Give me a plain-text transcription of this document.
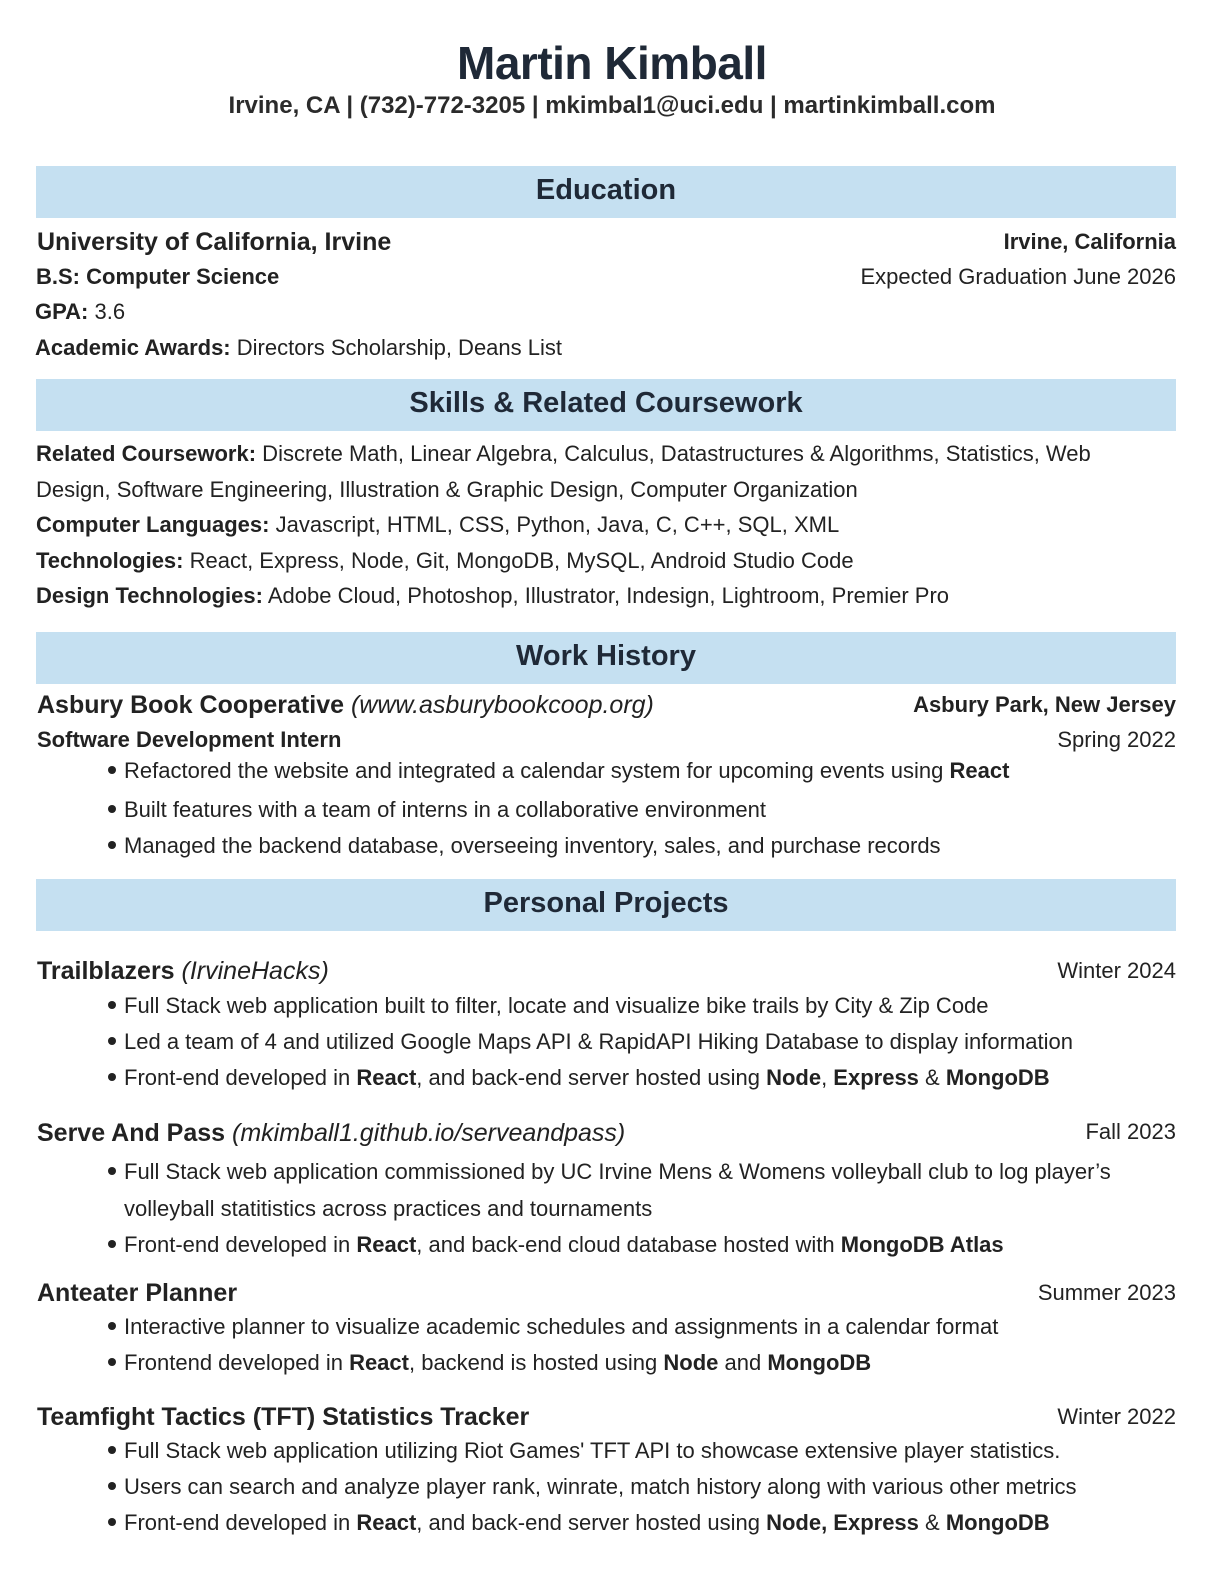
Martin Kimball
Irvine, CA | (732)-772-3205 | mkimbal1@uci.edu | martinkimball.com
Education
University of California, Irvine	Irvine, California
B.S: Computer Science	Expected Graduation June 2026
GPA: 3.6
Academic Awards: Directors Scholarship, Deans List
Skills & Related Coursework
Related Coursework: Discrete Math, Linear Algebra, Calculus, Datastructures & Algorithms, Statistics, Web
Design, Software Engineering, Illustration & Graphic Design, Computer Organization
Computer Languages: Javascript, HTML, CSS, Python, Java, C, C++, SQL, XML
Technologies: React, Express, Node, Git, MongoDB, MySQL, Android Studio Code
Design Technologies: Adobe Cloud, Photoshop, Illustrator, Indesign, Lightroom, Premier Pro
Work History
Asbury Book Cooperative (www.asburybookcoop.org)	Asbury Park, New Jersey
Software Development Intern	Spring 2022
Refactored the website and integrated a calendar system for upcoming events using React
Built features with a team of interns in a collaborative environment
Managed the backend database, overseeing inventory, sales, and purchase records
Personal Projects
Trailblazers (IrvineHacks)	Winter 2024
Full Stack web application built to filter, locate and visualize bike trails by City & Zip Code
Led a team of 4 and utilized Google Maps API & RapidAPI Hiking Database to display information
Front-end developed in React, and back-end server hosted using Node, Express & MongoDB
Serve And Pass (mkimball1.github.io/serveandpass)	Fall 2023
Full Stack web application commissioned by UC Irvine Mens & Womens volleyball club to log player’s
volleyball statitistics across practices and tournaments
Front-end developed in React, and back-end cloud database hosted with MongoDB Atlas
Anteater Planner	Summer 2023
Interactive planner to visualize academic schedules and assignments in a calendar format
Frontend developed in React, backend is hosted using Node and MongoDB
Teamfight Tactics (TFT) Statistics Tracker	Winter 2022
Full Stack web application utilizing Riot Games' TFT API to showcase extensive player statistics.
Users can search and analyze player rank, winrate, match history along with various other metrics
Front-end developed in React, and back-end server hosted using Node, Express & MongoDB
